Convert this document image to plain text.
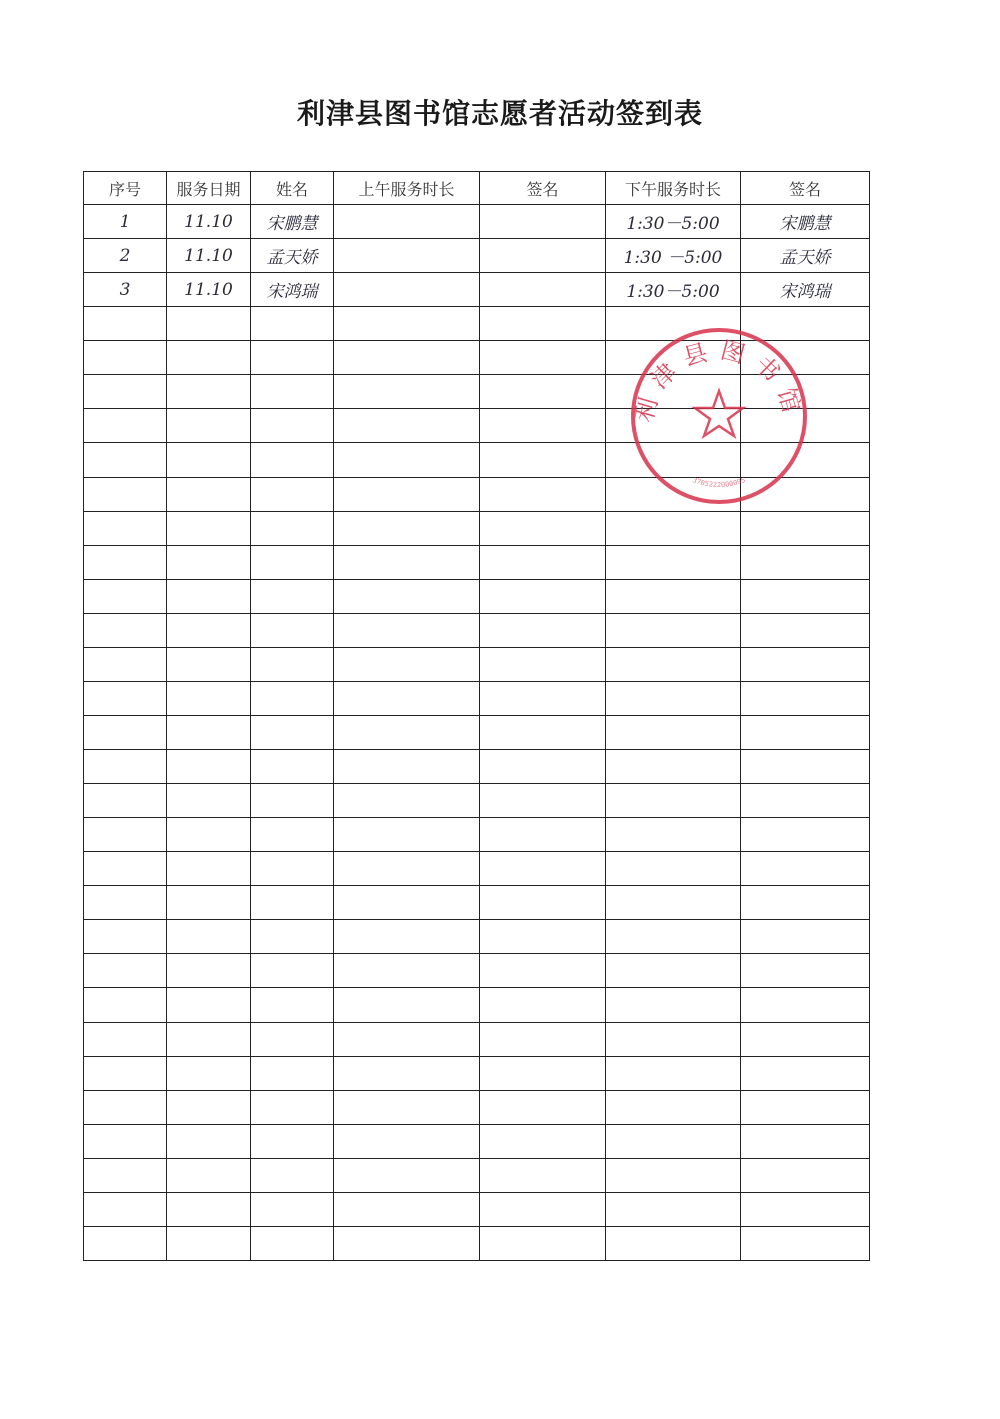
利津县图书馆志愿者活动签到表
序号	服务日期	姓名	上午服务时长	签名	下午服务时长	签名
1	11.10	宋鹏慧			1:30－5:00	宋鹏慧
2	11.10	孟天娇			1:30 －5:00	孟天娇
3	11.10	宋鸿瑞			1:30－5:00	宋鸿瑞

利津县图书馆
3705222000095
